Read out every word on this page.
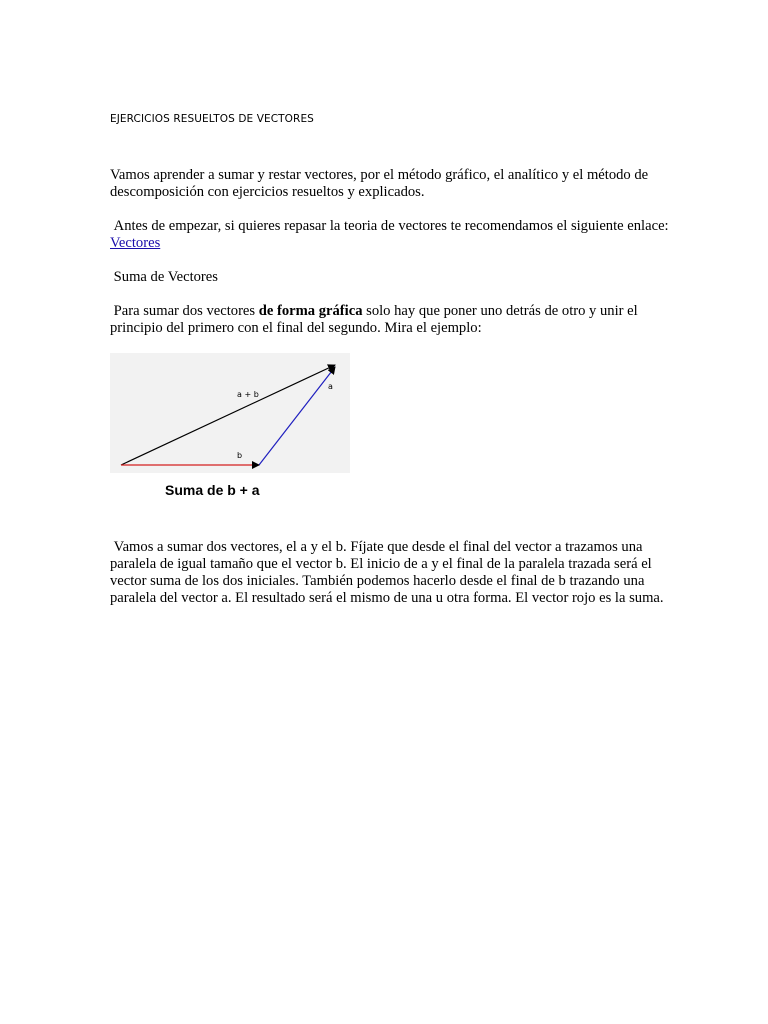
EJERCICIOS RESUELTOS DE VECTORES

Vamos aprender a sumar y restar vectores, por el método gráfico, el analítico y el método de descomposición con ejercicios resueltos y explicados.

Antes de empezar, si quieres repasar la teoria de vectores te recomendamos el siguiente enlace: Vectores

Suma de Vectores

Para sumar dos vectores de forma gráfica solo hay que poner uno detrás de otro y unir el principio del primero con el final del segundo. Mira el ejemplo:

a + b
a
b
Suma de b + a

Vamos a sumar dos vectores, el a y el b. Fíjate que desde el final del vector a trazamos una paralela de igual tamaño que el vector b. El inicio de a y el final de la paralela trazada será el vector suma de los dos iniciales. También podemos hacerlo desde el final de b trazando una paralela del vector a. El resultado será el mismo de una u otra forma. El vector rojo es la suma.
